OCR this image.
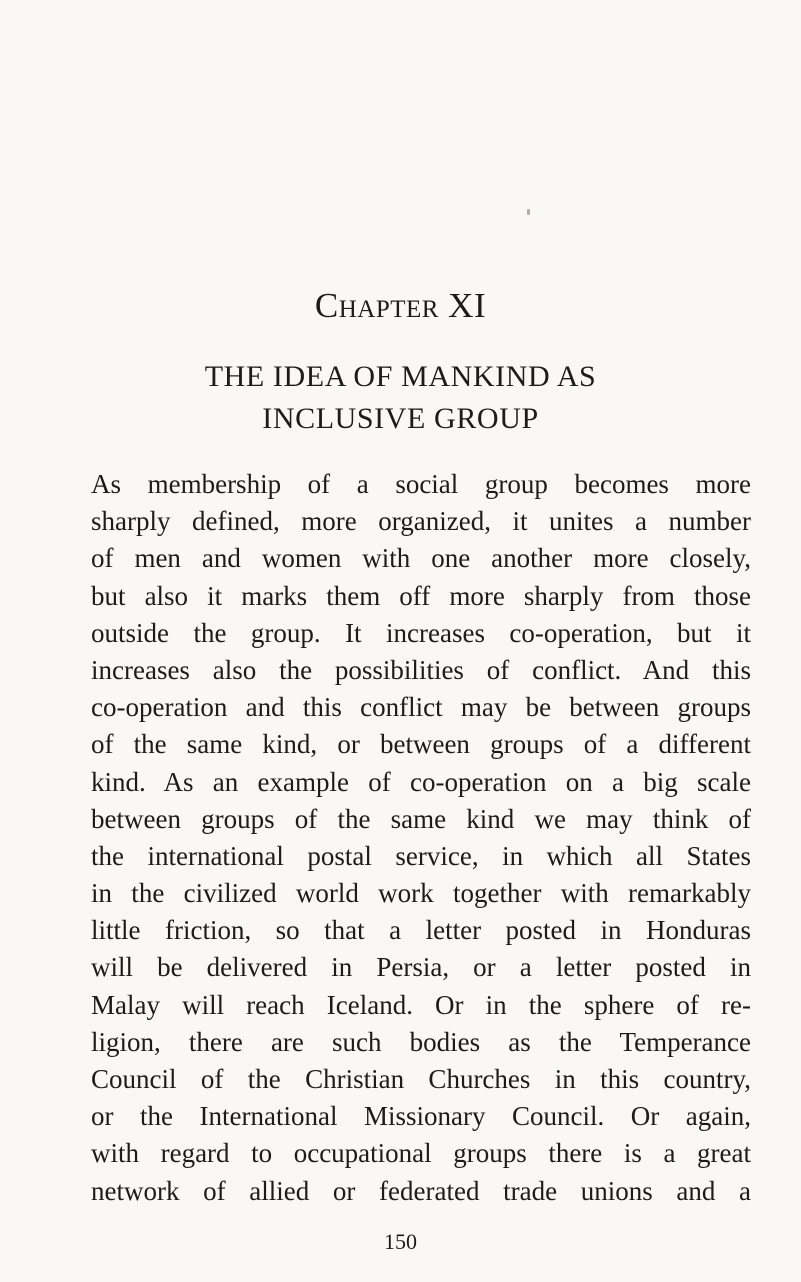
Chapter XI
THE IDEA OF MANKIND AS
INCLUSIVE GROUP
As membership of a social group becomes more
sharply defined, more organized, it unites a number
of men and women with one another more closely,
but also it marks them off more sharply from those
outside the group. It increases co-operation, but it
increases also the possibilities of conflict. And this
co-operation and this conflict may be between groups
of the same kind, or between groups of a different
kind. As an example of co-operation on a big scale
between groups of the same kind we may think of
the international postal service, in which all States
in the civilized world work together with remarkably
little friction, so that a letter posted in Honduras
will be delivered in Persia, or a letter posted in
Malay will reach Iceland. Or in the sphere of re-
ligion, there are such bodies as the Temperance
Council of the Christian Churches in this country,
or the International Missionary Council. Or again,
with regard to occupational groups there is a great
network of allied or federated trade unions and a
150
